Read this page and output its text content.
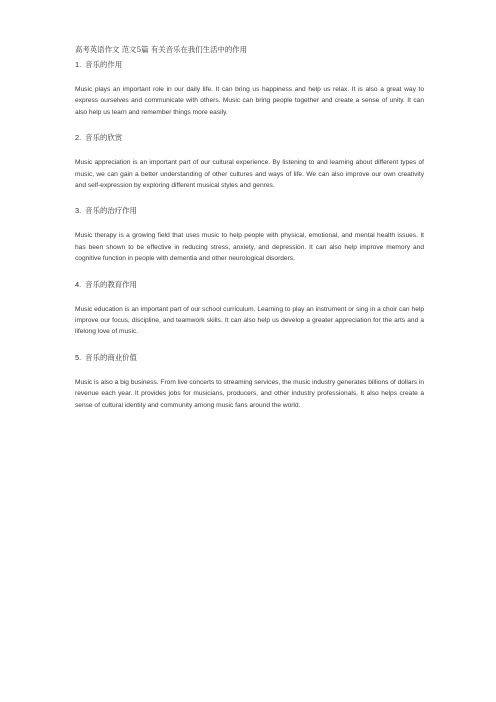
高考英语作文 范文5篇 有关音乐在我们生活中的作用
1. 音乐的作用

Music plays an important role in our daily life. It can bring us happiness and help us relax. It is also a great way to express ourselves and communicate with others. Music can bring people together and create a sense of unity. It can also help us learn and remember things more easily.

2. 音乐的欣赏

Music appreciation is an important part of our cultural experience. By listening to and learning about different types of music, we can gain a better understanding of other cultures and ways of life. We can also improve our own creativity and self-expression by exploring different musical styles and genres.

3. 音乐的治疗作用

Music therapy is a growing field that uses music to help people with physical, emotional, and mental health issues. It has been shown to be effective in reducing stress, anxiety, and depression. It can also help improve memory and cognitive function in people with dementia and other neurological disorders.

4. 音乐的教育作用

Music education is an important part of our school curriculum. Learning to play an instrument or sing in a choir can help improve our focus, discipline, and teamwork skills. It can also help us develop a greater appreciation for the arts and a lifelong love of music.

5. 音乐的商业价值

Music is also a big business. From live concerts to streaming services, the music industry generates billions of dollars in revenue each year. It provides jobs for musicians, producers, and other industry professionals. It also helps create a sense of cultural identity and community among music fans around the world.
